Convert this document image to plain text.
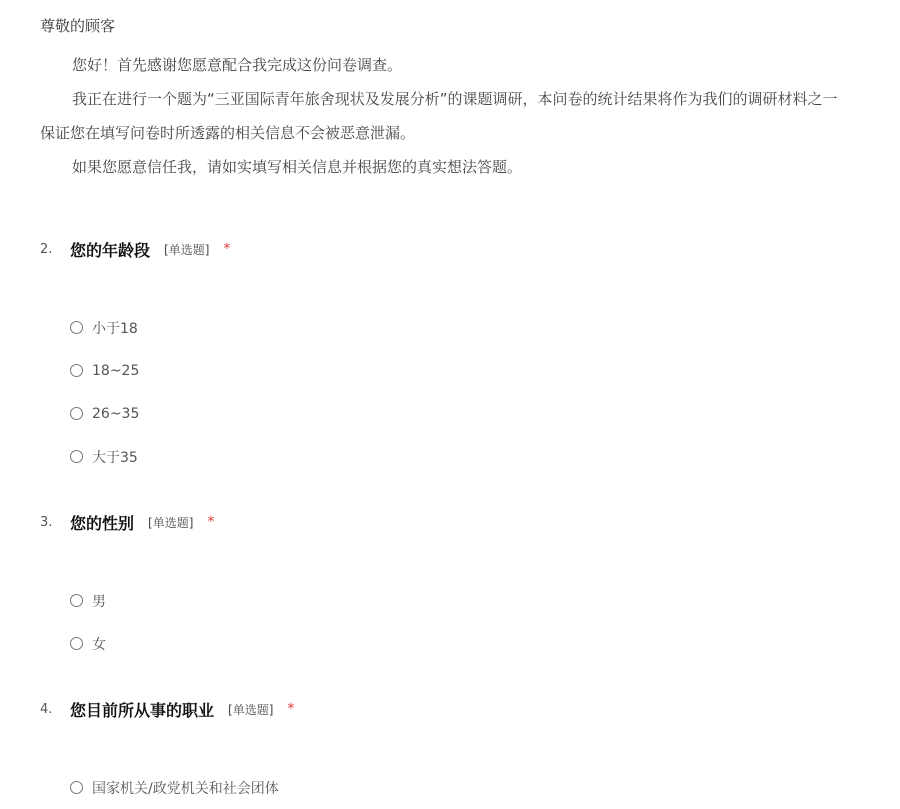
尊敬的顾客
您好！首先感谢您愿意配合我完成这份问卷调查。
我正在进行一个题为“三亚国际青年旅舍现状及发展分析”的课题调研，本问卷的统计结果将作为我们的调研材料之一
保证您在填写问卷时所透露的相关信息不会被恶意泄漏。
如果您愿意信任我，请如实填写相关信息并根据您的真实想法答题。
2.	您的年龄段 [单选题] *
小于18
18~25
26~35
大于35
3.	您的性别 [单选题] *
男
女
4.	您目前所从事的职业 [单选题] *
国家机关/政党机关和社会团体
